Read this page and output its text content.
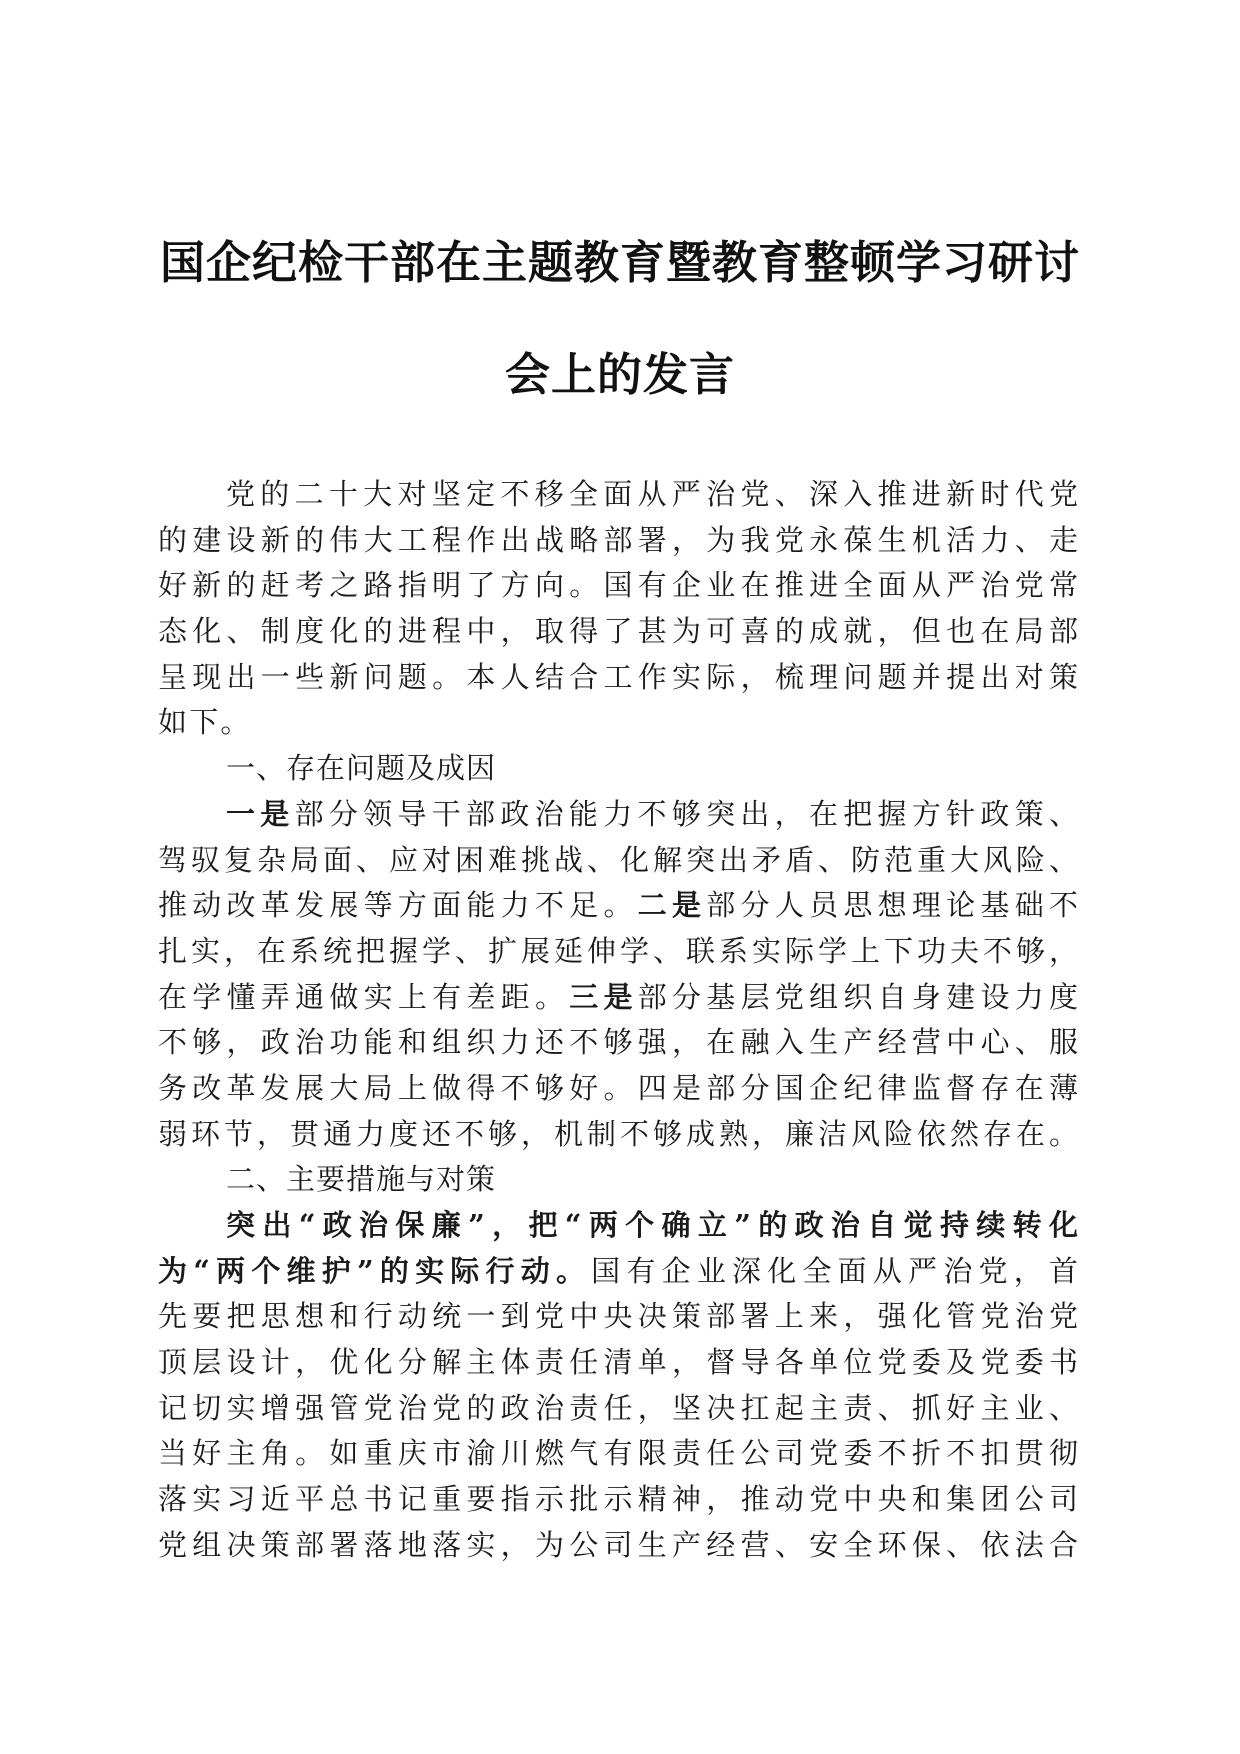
国企纪检干部在主题教育暨教育整顿学习研讨
会上的发言
党的二十大对坚定不移全面从严治党、深入推进新时代党
的建设新的伟大工程作出战略部署，为我党永葆生机活力、走
好新的赶考之路指明了方向。国有企业在推进全面从严治党常
态化、制度化的进程中，取得了甚为可喜的成就，但也在局部
呈现出一些新问题。本人结合工作实际，梳理问题并提出对策
如下。
一、存在问题及成因
一是部分领导干部政治能力不够突出，在把握方针政策、
驾驭复杂局面、应对困难挑战、化解突出矛盾、防范重大风险、
推动改革发展等方面能力不足。二是部分人员思想理论基础不
扎实，在系统把握学、扩展延伸学、联系实际学上下功夫不够，
在学懂弄通做实上有差距。三是部分基层党组织自身建设力度
不够，政治功能和组织力还不够强，在融入生产经营中心、服
务改革发展大局上做得不够好。四是部分国企纪律监督存在薄
弱环节，贯通力度还不够，机制不够成熟，廉洁风险依然存在。
二、主要措施与对策
突出“政治保廉”，把“两个确立”的政治自觉持续转化
为“两个维护”的实际行动。国有企业深化全面从严治党，首
先要把思想和行动统一到党中央决策部署上来，强化管党治党
顶层设计，优化分解主体责任清单，督导各单位党委及党委书
记切实增强管党治党的政治责任，坚决扛起主责、抓好主业、
当好主角。如重庆市渝川燃气有限责任公司党委不折不扣贯彻
落实习近平总书记重要指示批示精神，推动党中央和集团公司
党组决策部署落地落实，为公司生产经营、安全环保、依法合
